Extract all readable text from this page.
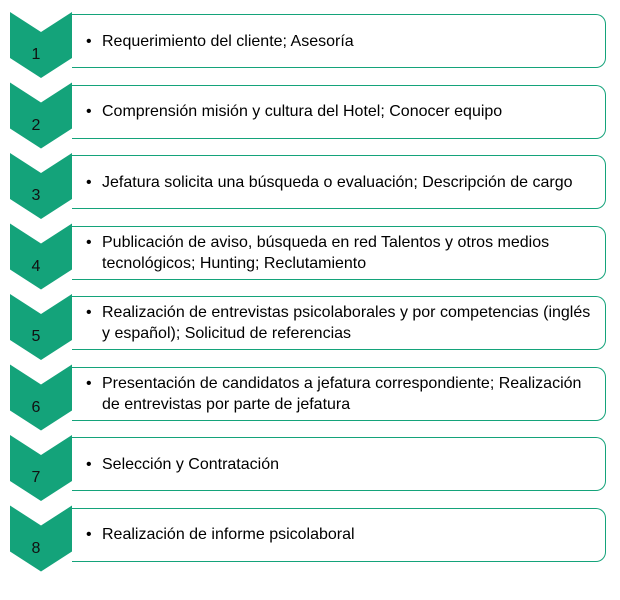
• Requerimiento del cliente; Asesoría
1
• Comprensión misión y cultura del Hotel; Conocer equipo
2
• Jefatura solicita una búsqueda o evaluación; Descripción de cargo
3
• Publicación de aviso, búsqueda en red Talentos y otros medios tecnológicos; Hunting; Reclutamiento
4
• Realización de entrevistas psicolaborales y por competencias (inglés y español); Solicitud de referencias
5
• Presentación de candidatos a jefatura correspondiente; Realización de entrevistas por parte de jefatura
6
• Selección y Contratación
7
• Realización de informe psicolaboral
8
